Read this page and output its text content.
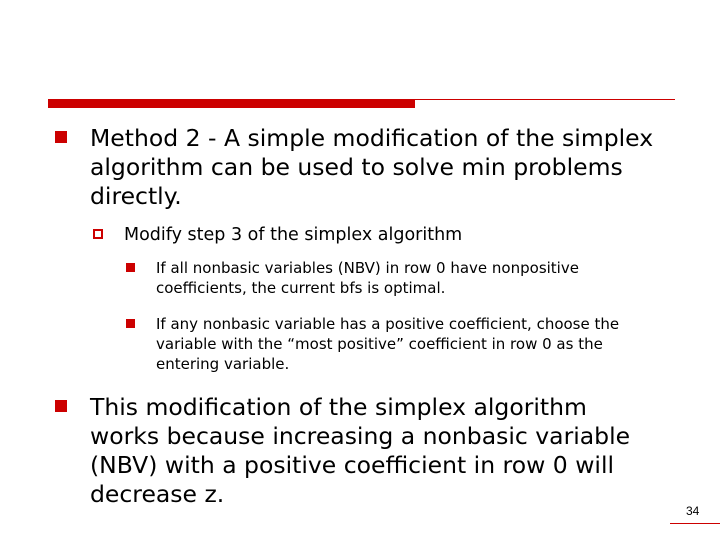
Method 2 - A simple modification of the simplex algorithm can be used to solve min problems directly.
Modify step 3 of the simplex algorithm
If all nonbasic variables (NBV) in row 0 have nonpositive coefficients, the current bfs is optimal.
If any nonbasic variable has a positive coefficient, choose the variable with the “most positive” coefficient in row 0 as the entering variable.
This modification of the simplex algorithm works because increasing a nonbasic variable (NBV) with a positive coefficient in row 0 will decrease z.
34
